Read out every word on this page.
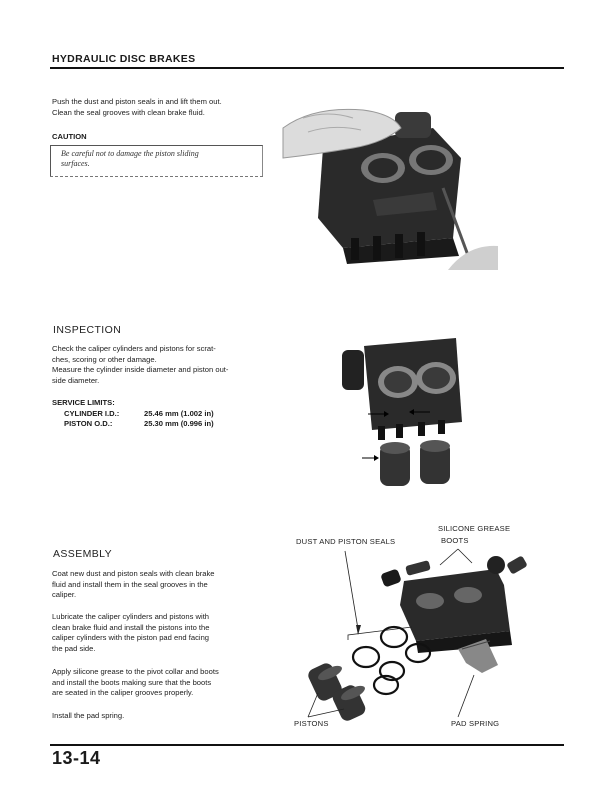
HYDRAULIC DISC BRAKES
Push the dust and piston seals in and lift them out.
Clean the seal grooves with clean brake fluid.
CAUTION
Be careful not to damage the piston sliding
surfaces.
INSPECTION
Check the caliper cylinders and pistons for scrat-
ches, scoring or other damage.
Measure the cylinder inside diameter and piston out-
side diameter.
SERVICE LIMITS:
CYLINDER I.D.:	25.46 mm (1.002 in)
PISTON O.D.:	25.30 mm (0.996 in)
ASSEMBLY
Coat new dust and piston seals with clean brake
fluid and install them in the seal grooves in the
caliper.
Lubricate the caliper cylinders and pistons with
clean brake fluid and install the pistons into the
caliper cylinders with the piston pad end facing
the pad side.
Apply silicone grease to the pivot collar and boots
and install the boots making sure that the boots
are seated in the caliper grooves properly.
Install the pad spring.
DUST AND PISTON SEALS
SILICONE GREASE
BOOTS
PISTONS	PAD SPRING
13-14
